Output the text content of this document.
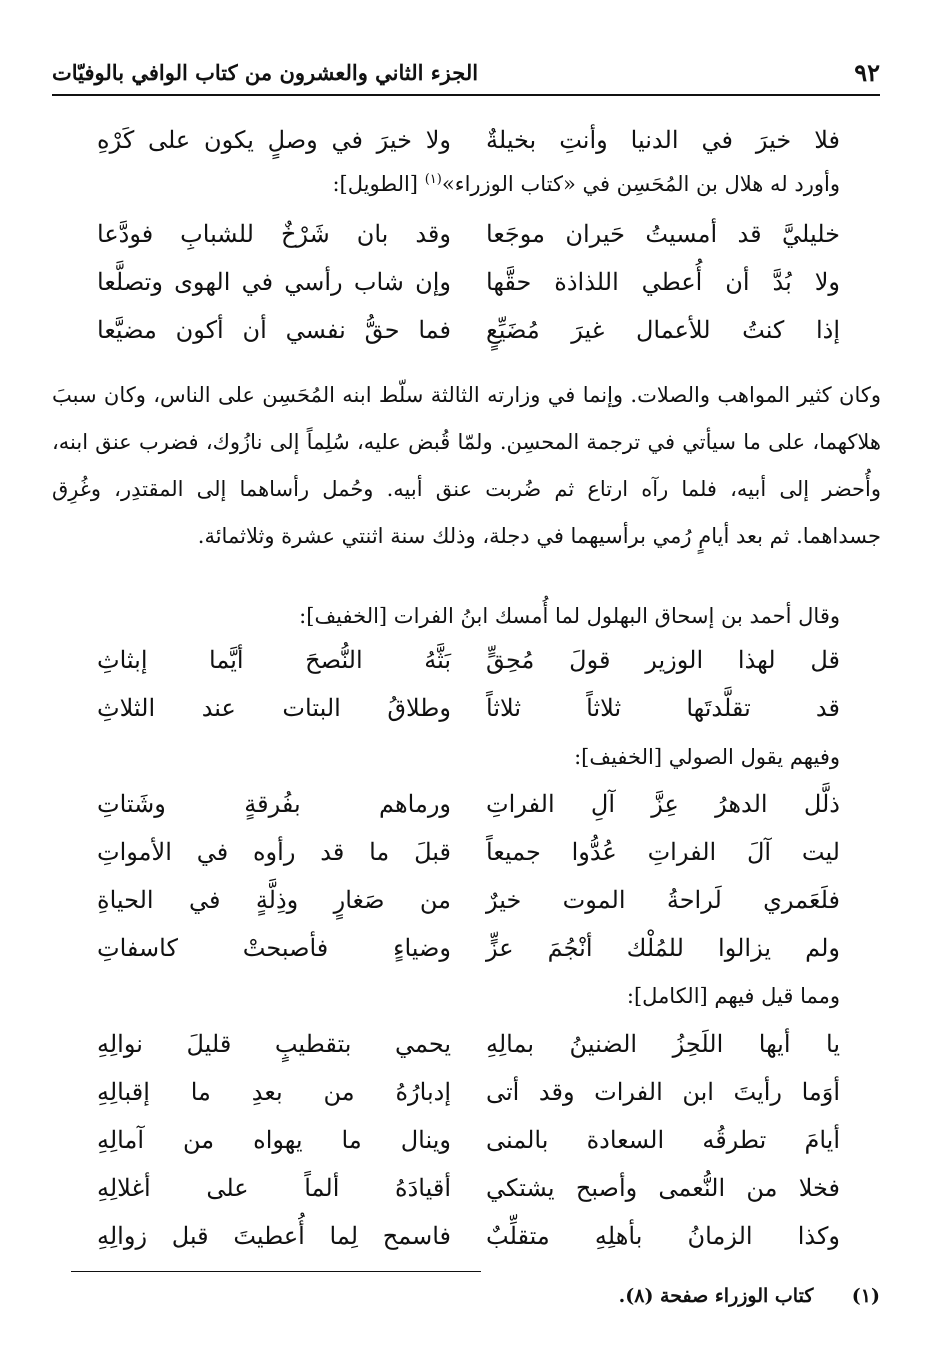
٩٢
الجزء الثاني والعشرون من كتاب الوافي بالوفيّات
فلا خيرَ في الدنيا وأنتِ بخيلةٌ
ولا خيرَ في وصلٍ يكون على كَرْهِ
وأورد له هلال بن المُحَسِن في «كتاب الوزراء»$^{(١)}$ [الطويل]:
خليليَّ قد أمسيتُ حَيران موجَعا
وقد بان شَرْخٌ للشبابِ فودَّعا
ولا بُدَّ أن أُعطي اللذاذة حقَّها
وإن شاب رأسي في الهوى وتصلَّعا
إذا كنتُ للأعمال غيرَ مُضَيِّعٍ
فما حقُّ نفسي أن أكون مضيَّعا
وكان كثير المواهب والصلات. وإنما في وزارته الثالثة سلّط ابنه المُحَسِن على الناس، وكان سببَ هلاكهما، على ما سيأتي في ترجمة المحسِن. ولمّا قُبض عليه، سُلِماً إلى نازُوك، فضرب عنق ابنه، وأُحضر إلى أبيه، فلما رآه ارتاع ثم ضُربت عنق أبيه. وحُمل رأساهما إلى المقتدِر، وغُرِق جسداهما. ثم بعد أيامٍ رُمي برأسيهما في دجلة، وذلك سنة اثنتي عشرة وثلاثمائة.
وقال أحمد بن إسحاق البهلول لما أُمسك ابنُ الفرات [الخفيف]:
قل لهذا الوزير قولَ مُحِقٍّ
بَثَّهُ النُّصحَ أيَّما إبثاثِ
قد تقلَّدتَها ثلاثاً ثلاثاً
وطلاقُ البتات عند الثلاثِ
وفيهم يقول الصولي [الخفيف]:
ذلَّل الدهرُ عِزَّ آلِ الفراتِ
ورماهم بفُرقةٍ وشَتاتِ
ليت آلَ الفراتِ عُدُّوا جميعاً
قبلَ ما قد رأوه في الأمواتِ
فلَعَمري لَراحةُ الموت خيرٌ
من صَغارٍ وذِلَّةٍ في الحياةِ
ولم يزالوا للمُلْك أنْجُمَ عزٍّ
وضياءٍ فأصبحتْ كاسفاتِ
ومما قيل فيهم [الكامل]:
يا أيها اللَحِزُ الضنينُ بمالِهِ
يحمي بتقطيبٍ قليلَ نوالِهِ
أوَما رأيتَ ابن الفرات وقد أتى
إدبارُهُ من بعدِ ما إقبالِهِ
أيامَ تطرقُه السعادة بالمنى
وينال ما يهواه من آمالِهِ
فخلا من النُّعمى وأصبح يشتكي
أقيادَهُ ألماً على أغلالِهِ
وكذا الزمانُ بأهلِهِ متقلِّبٌ
فاسمح لِما أُعطيتَ قبل زوالِهِ
(١) كتاب الوزراء صفحة (٨).
